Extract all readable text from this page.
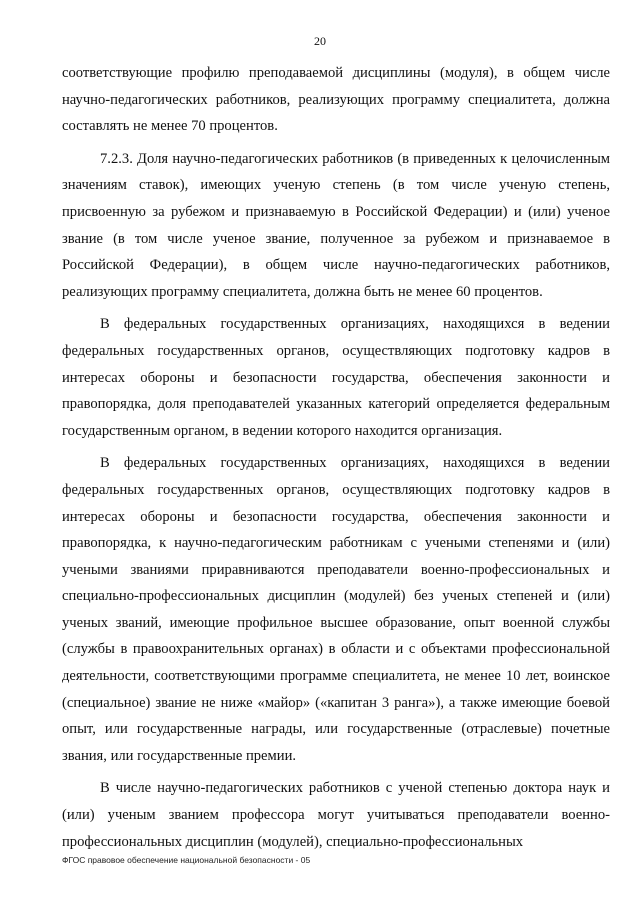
20

соответствующие профилю преподаваемой дисциплины (модуля), в общем числе научно-педагогических работников, реализующих программу специалитета, должна составлять не менее 70 процентов.

7.2.3. Доля научно-педагогических работников (в приведенных к целочисленным значениям ставок), имеющих ученую степень (в том числе ученую степень, присвоенную за рубежом и признаваемую в Российской Федерации) и (или) ученое звание (в том числе ученое звание, полученное за рубежом и признаваемое в Российской Федерации), в общем числе научно-педагогических работников, реализующих программу специалитета, должна быть не менее 60 процентов.

В федеральных государственных организациях, находящихся в ведении федеральных государственных органов, осуществляющих подготовку кадров в интересах обороны и безопасности государства, обеспечения законности и правопорядка, доля преподавателей указанных категорий определяется федеральным государственным органом, в ведении которого находится организация.

В федеральных государственных организациях, находящихся в ведении федеральных государственных органов, осуществляющих подготовку кадров в интересах обороны и безопасности государства, обеспечения законности и правопорядка, к научно-педагогическим работникам с учеными степенями и (или) учеными званиями приравниваются преподаватели военно-профессиональных и специально-профессиональных дисциплин (модулей) без ученых степеней и (или) ученых званий, имеющие профильное высшее образование, опыт военной службы (службы в правоохранительных органах) в области и с объектами профессиональной деятельности, соответствующими программе специалитета, не менее 10 лет, воинское (специальное) звание не ниже «майор» («капитан 3 ранга»), а также имеющие боевой опыт, или государственные награды, или государственные (отраслевые) почетные звания, или государственные премии.

В числе научно-педагогических работников с ученой степенью доктора наук и (или) ученым званием профессора могут учитываться преподаватели военно-профессиональных дисциплин (модулей), специально-профессиональных

ФГОС правовое обеспечение национальной безопасности - 05
